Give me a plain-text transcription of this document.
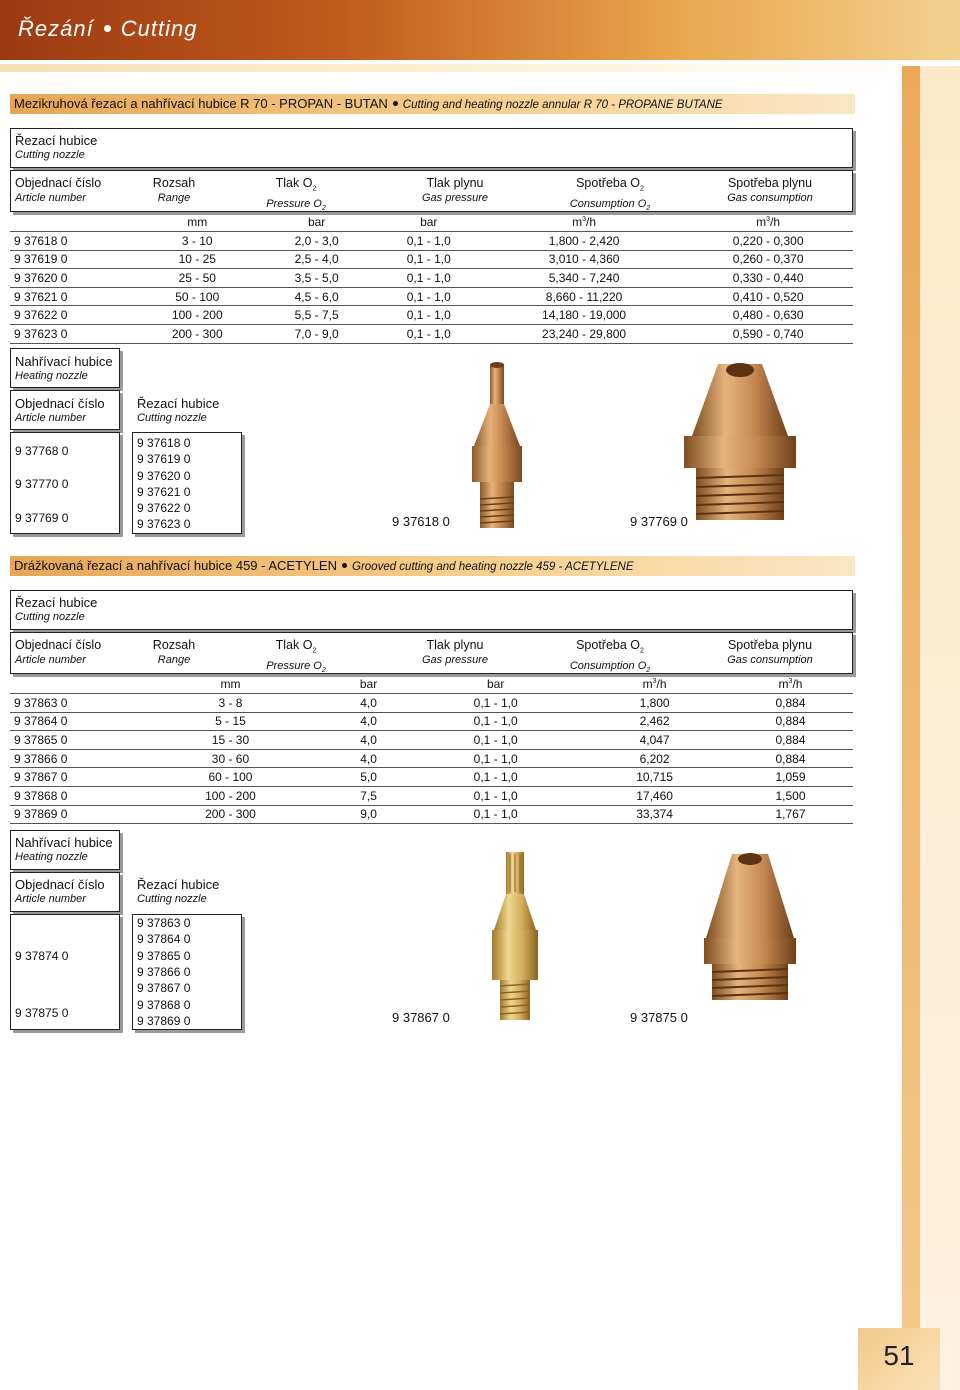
Řezání Cutting
51
Mezikruhová řezací a nahřívací hubice R 70 - PROPAN - BUTAN Cutting and heating nozzle annular R 70 - PROPANE BUTANE
Řezací hubice
Cutting nozzle
Objednací číslo
Article number
Rozsah
Range
Tlak $O_2$
Pressure $O_2$
Tlak plynu
Gas pressure
Spotřeba $O_2$
Consumption $O_2$
Spotřeba plynu
Gas consumption
	mm	bar	bar	$m^3/h$	$m^3/h$
9 37618 0	3 - 10	2,0 - 3,0	0,1 - 1,0	1,800 - 2,420	0,220 - 0,300
9 37619 0	10 - 25	2,5 - 4,0	0,1 - 1,0	3,010 - 4,360	0,260 - 0,370
9 37620 0	25 - 50	3,5 - 5,0	0,1 - 1,0	5,340 - 7,240	0,330 - 0,440
9 37621 0	50 - 100	4,5 - 6,0	0,1 - 1,0	8,660 - 11,220	0,410 - 0,520
9 37622 0	100 - 200	5,5 - 7,5	0,1 - 1,0	14,180 - 19,000	0,480 - 0,630
9 37623 0	200 - 300	7,0 - 9,0	0,1 - 1,0	23,240 - 29,800	0,590 - 0,740
Nahřívací hubice
Heating nozzle
Objednací číslo
Article number
Řezací hubice
Cutting nozzle
9 37768 0
9 37770 0
9 37769 0
9 37618 0
9 37619 0
9 37620 0
9 37621 0
9 37622 0
9 37623 0	9 37618 0	9 37769 0
Drážkovaná řezací a nahřívací hubice 459 - ACETYLEN Grooved cutting and heating nozzle 459 - ACETYLENE
Řezací hubice
Cutting nozzle
Objednací číslo
Article number
Rozsah
Range
Tlak $O_2$
Pressure $O_2$
Tlak plynu
Gas pressure
Spotřeba $O_2$
Consumption $O_2$
Spotřeba plynu
Gas consumption
	mm	bar	bar	$m^3/h$	$m^3/h$
9 37863 0	3 - 8	4,0	0,1 - 1,0	1,800	0,884
9 37864 0	5 - 15	4,0	0,1 - 1,0	2,462	0,884
9 37865 0	15 - 30	4,0	0,1 - 1,0	4,047	0,884
9 37866 0	30 - 60	4,0	0,1 - 1,0	6,202	0,884
9 37867 0	60 - 100	5,0	0,1 - 1,0	10,715	1,059
9 37868 0	100 - 200	7,5	0,1 - 1,0	17,460	1,500
9 37869 0	200 - 300	9,0	0,1 - 1,0	33,374	1,767
Nahřívací hubice
Heating nozzle
Objednací číslo
Article number
Řezací hubice
Cutting nozzle
9 37874 0
9 37875 0
9 37863 0
9 37864 0
9 37865 0
9 37866 0
9 37867 0
9 37868 0
9 37869 0	9 37867 0	9 37875 0
